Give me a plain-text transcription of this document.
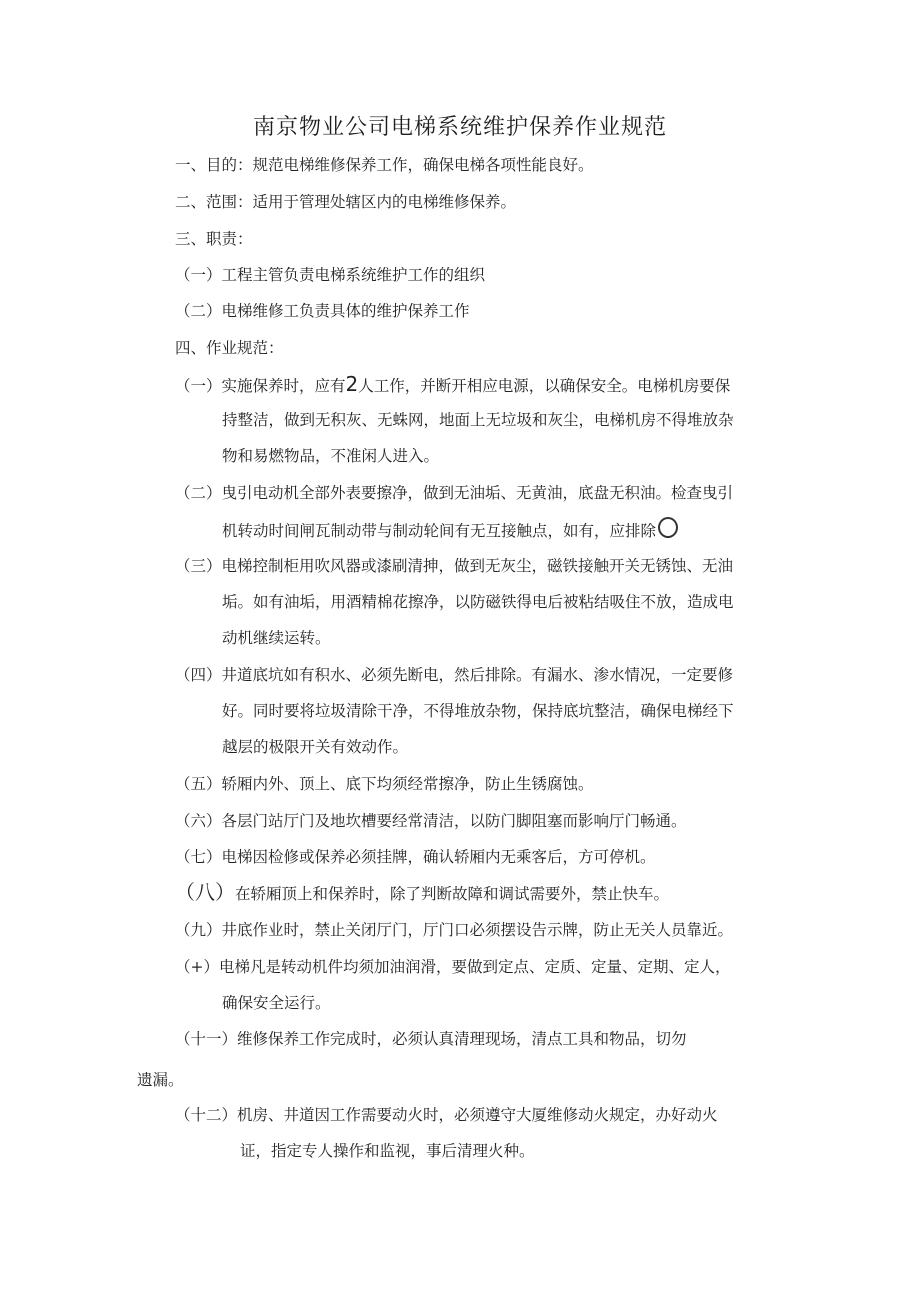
南京物业公司电梯系统维护保养作业规范
一、目的：规范电梯维修保养工作，确保电梯各项性能良好。
二、范围：适用于管理处辖区内的电梯维修保养。
三、职责：
（一）工程主管负责电梯系统维护工作的组织
（二）电梯维修工负责具体的维护保养工作
四、作业规范：
（一）实施保养时，应有2人工作，并断开相应电源，以确保安全。电梯机房要保
持整洁，做到无积灰、无蛛网，地面上无垃圾和灰尘，电梯机房不得堆放杂
物和易燃物品，不准闲人进入。
（二）曳引电动机全部外表要擦净，做到无油垢、无黄油，底盘无积油。检查曳引
机转动时间闸瓦制动带与制动轮间有无互接触点，如有，应排除
（三）电梯控制柜用吹风器或漆刷清抻，做到无灰尘，磁铁接触开关无锈蚀、无油
垢。如有油垢，用酒精棉花擦净，以防磁铁得电后被粘结吸住不放，造成电
动机继续运转。
（四）井道底坑如有积水、必须先断电，然后排除。有漏水、渗水情况，一定要修
好。同时要将垃圾清除干净，不得堆放杂物，保持底坑整洁，确保电梯经下
越层的极限开关有效动作。
（五）轿厢内外、顶上、底下均须经常擦净，防止生锈腐蚀。
（六）各层门站厅门及地坎槽要经常清洁，以防门脚阻塞而影响厅门畅通。
（七）电梯因检修或保养必须挂牌，确认轿厢内无乘客后，方可停机。
（八）在轿厢顶上和保养时，除了判断故障和调试需要外，禁止快车。
（九）井底作业时，禁止关闭厅门，厅门口必须摆设告示牌，防止无关人员靠近。
（+）电梯凡是转动机件均须加油润滑，要做到定点、定质、定量、定期、定人，
确保安全运行。
（十一）维修保养工作完成时，必须认真清理现场，清点工具和物品，切勿
遗漏。
（十二）机房、井道因工作需要动火时，必须遵守大厦维修动火规定，办好动火
证，指定专人操作和监视，事后清理火种。
